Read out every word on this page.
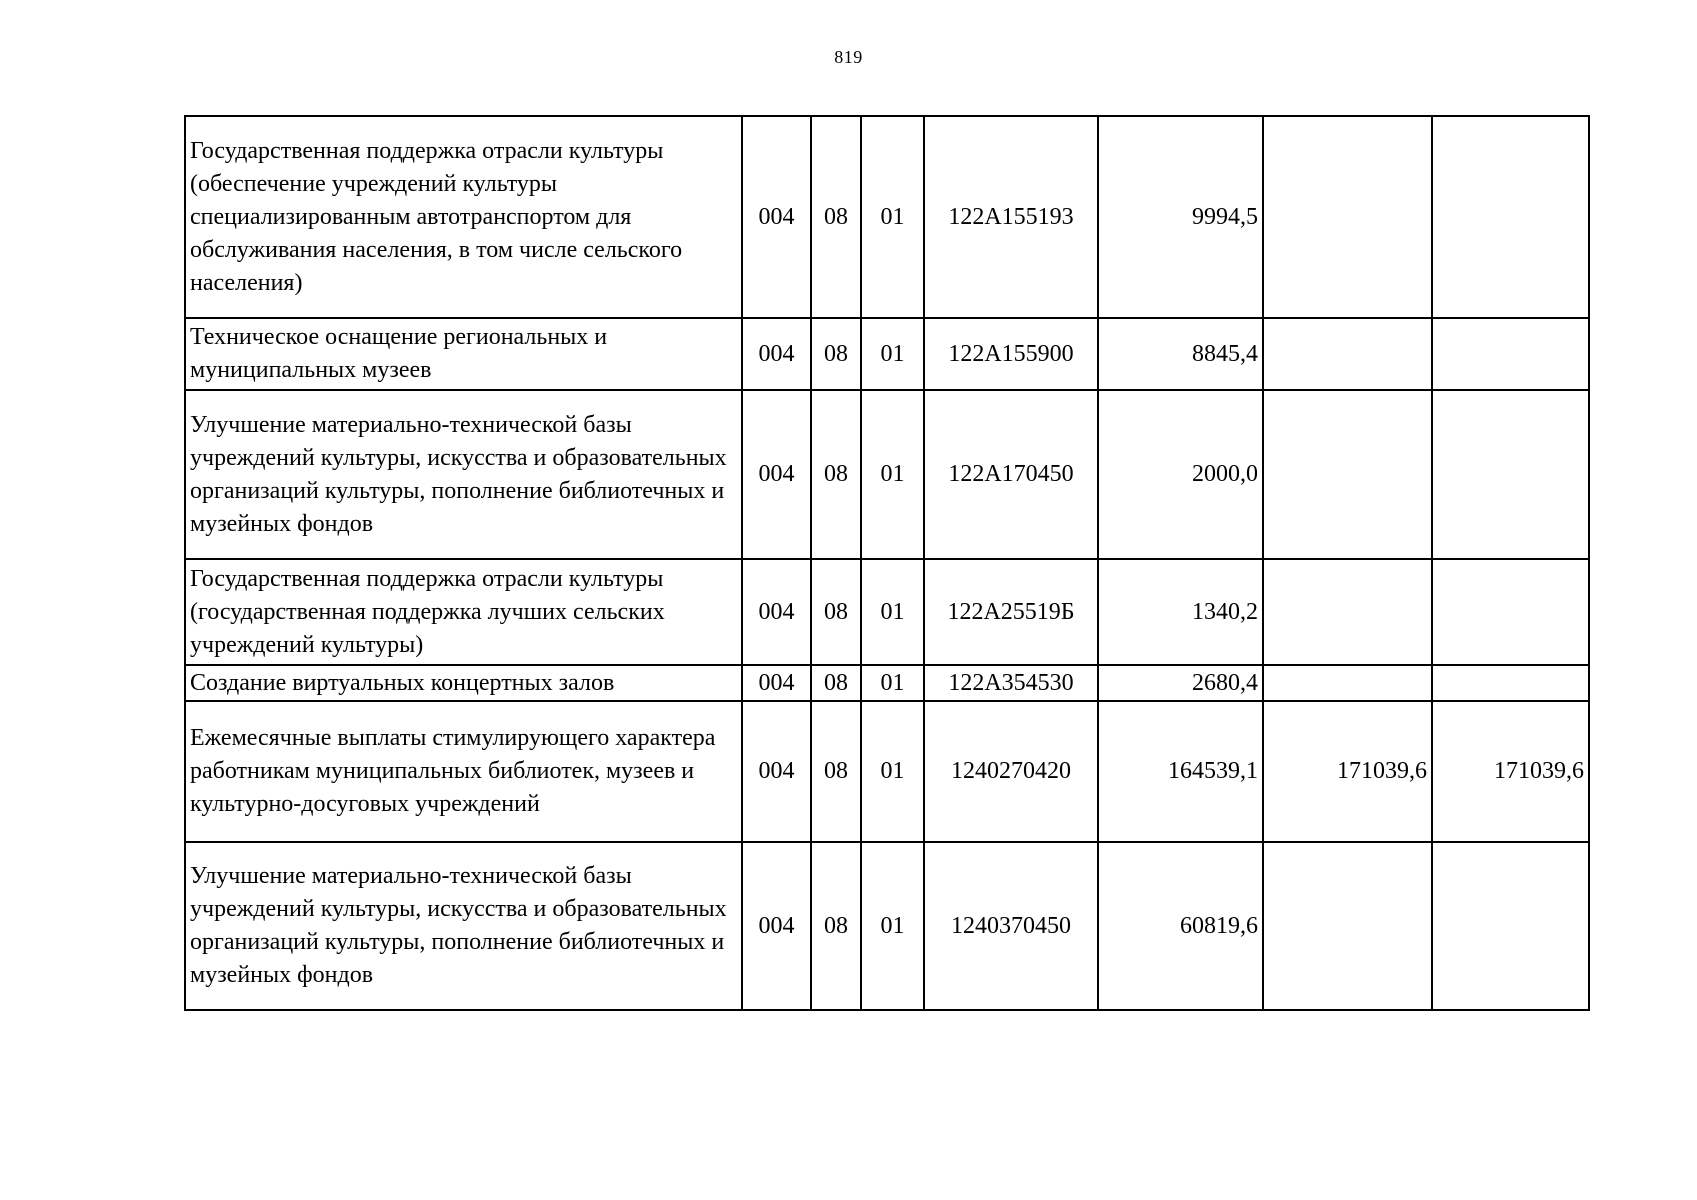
819
Государственная поддержка отрасли культуры (обеспечение учреждений культуры специализированным автотранспортом для обслуживания населения, в том числе сельского населения)	004	08	01	122А155193	9994,5		
Техническое оснащение региональных и муниципальных музеев	004	08	01	122А155900	8845,4		
Улучшение материально-технической базы учреждений культуры, искусства и образовательных организаций культуры, пополнение библиотечных и музейных фондов	004	08	01	122А170450	2000,0		
Государственная поддержка отрасли культуры (государственная поддержка лучших сельских учреждений культуры)	004	08	01	122А25519Б	1340,2		
Создание виртуальных концертных залов	004	08	01	122А354530	2680,4		
Ежемесячные выплаты стимулирующего характера работникам муниципальных библиотек, музеев и культурно-досуговых учреждений	004	08	01	1240270420	164539,1	171039,6	171039,6
Улучшение материально-технической базы учреждений культуры, искусства и образовательных организаций культуры, пополнение библиотечных и музейных фондов	004	08	01	1240370450	60819,6		
